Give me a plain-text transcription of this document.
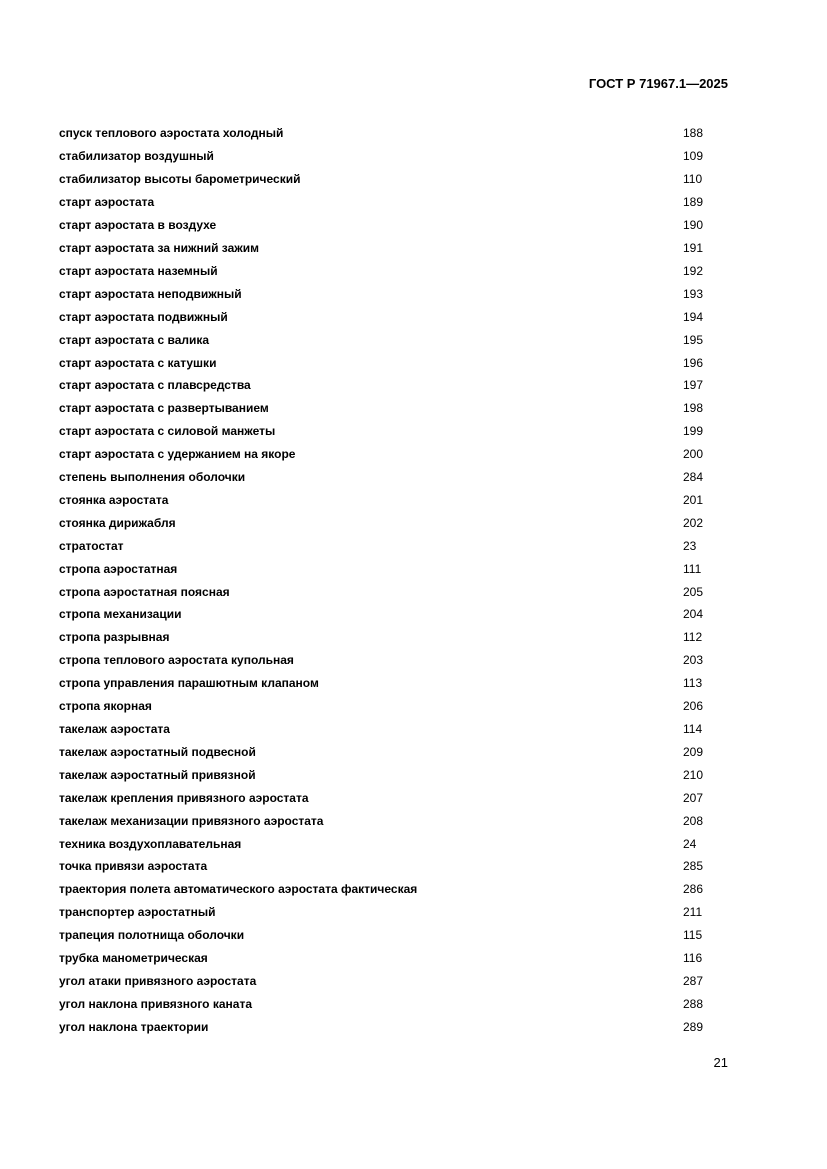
ГОСТ Р 71967.1—2025
спуск теплового аэростата холодный	188
стабилизатор воздушный	109
стабилизатор высоты барометрический	110
старт аэростата	189
старт аэростата в воздухе	190
старт аэростата за нижний зажим	191
старт аэростата наземный	192
старт аэростата неподвижный	193
старт аэростата подвижный	194
старт аэростата с валика	195
старт аэростата с катушки	196
старт аэростата с плавсредства	197
старт аэростата с развертыванием	198
старт аэростата с силовой манжеты	199
старт аэростата с удержанием на якоре	200
степень выполнения оболочки	284
стоянка аэростата	201
стоянка дирижабля	202
стратостат	23
стропа аэростатная	111
стропа аэростатная поясная	205
стропа механизации	204
стропа разрывная	112
стропа теплового аэростата купольная	203
стропа управления парашютным клапаном	113
стропа якорная	206
такелаж аэростата	114
такелаж аэростатный подвесной	209
такелаж аэростатный привязной	210
такелаж крепления привязного аэростата	207
такелаж механизации привязного аэростата	208
техника воздухоплавательная	24
точка привязи аэростата	285
траектория полета автоматического аэростата фактическая	286
транспортер аэростатный	211
трапеция полотнища оболочки	115
трубка манометрическая	116
угол атаки привязного аэростата	287
угол наклона привязного каната	288
угол наклона траектории	289
21
